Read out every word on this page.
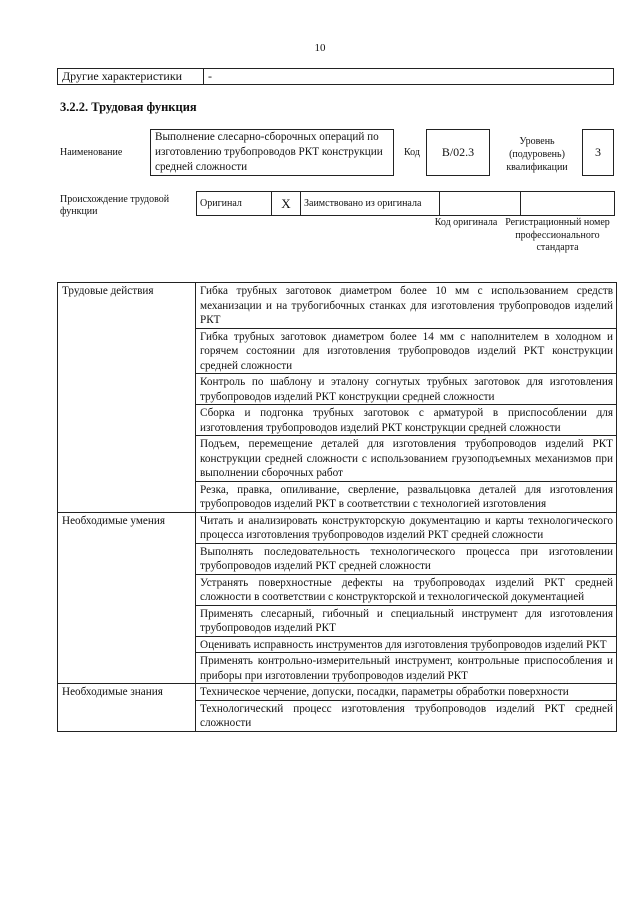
10
Другие характеристики	-
3.2.2. Трудовая функция
Наименование
Выполнение слесарно-сборочных операций по изготовлению трубопроводов РКТ конструкции средней сложности
Код	В/02.3
Уровень (подуровень) квалификации
3
Происхождение трудовой функции
Оригинал	X	Заимствовано из оригинала		
Код оригинала Регистрационный номер профессионального стандарта
Трудовые действия	Гибка трубных заготовок диаметром более 10 мм с использованием средств механизации и на трубогибочных станках для изготовления трубопроводов изделий РКТ
	Гибка трубных заготовок диаметром более 14 мм с наполнителем в холодном и горячем состоянии для изготовления трубопроводов изделий РКТ конструкции средней сложности
	Контроль по шаблону и эталону согнутых трубных заготовок для изготовления трубопроводов изделий РКТ конструкции средней сложности
	Сборка и подгонка трубных заготовок с арматурой в приспособлении для изготовления трубопроводов изделий РКТ конструкции средней сложности
	Подъем, перемещение деталей для изготовления трубопроводов изделий РКТ конструкции средней сложности с использованием грузоподъемных механизмов при выполнении сборочных работ
	Резка, правка, опиливание, сверление, развальцовка деталей для изготовления трубопроводов изделий РКТ в соответствии с технологией изготовления
Необходимые умения	Читать и анализировать конструкторскую документацию и карты технологического процесса изготовления трубопроводов изделий РКТ средней сложности
	Выполнять последовательность технологического процесса при изготовлении трубопроводов изделий РКТ средней сложности
	Устранять поверхностные дефекты на трубопроводах изделий РКТ средней сложности в соответствии с конструкторской и технологической документацией
	Применять слесарный, гибочный и специальный инструмент для изготовления трубопроводов изделий РКТ
	Оценивать исправность инструментов для изготовления трубопроводов изделий РКТ
	Применять контрольно-измерительный инструмент, контрольные приспособления и приборы при изготовлении трубопроводов изделий РКТ
Необходимые знания	Техническое черчение, допуски, посадки, параметры обработки поверхности
	Технологический процесс изготовления трубопроводов изделий РКТ средней сложности
